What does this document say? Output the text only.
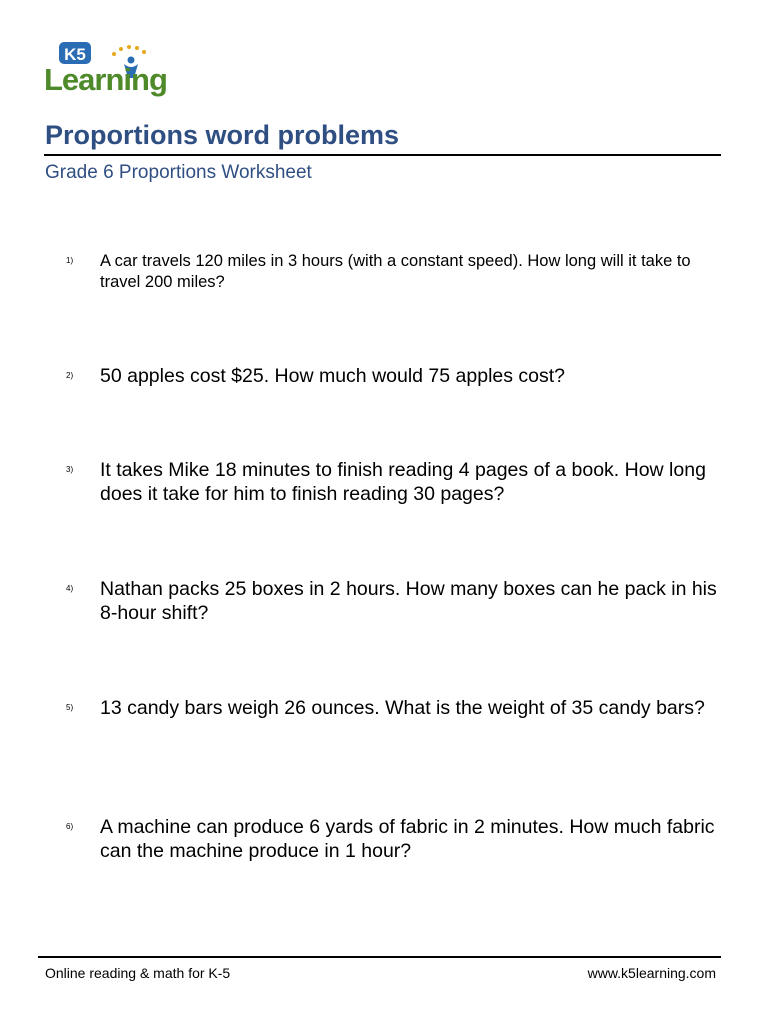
K5
Learning
Proportions word problems
Grade 6 Proportions Worksheet
1) A car travels 120 miles in 3 hours (with a constant speed). How long will it take to travel 200 miles?
2) 50 apples cost $25. How much would 75 apples cost?
3) It takes Mike 18 minutes to finish reading 4 pages of a book. How long does it take for him to finish reading 30 pages?
4) Nathan packs 25 boxes in 2 hours. How many boxes can he pack in his 8-hour shift?
5) 13 candy bars weigh 26 ounces. What is the weight of 35 candy bars?
6) A machine can produce 6 yards of fabric in 2 minutes. How much fabric can the machine produce in 1 hour?
Online reading & math for K-5	www.k5learning.com
